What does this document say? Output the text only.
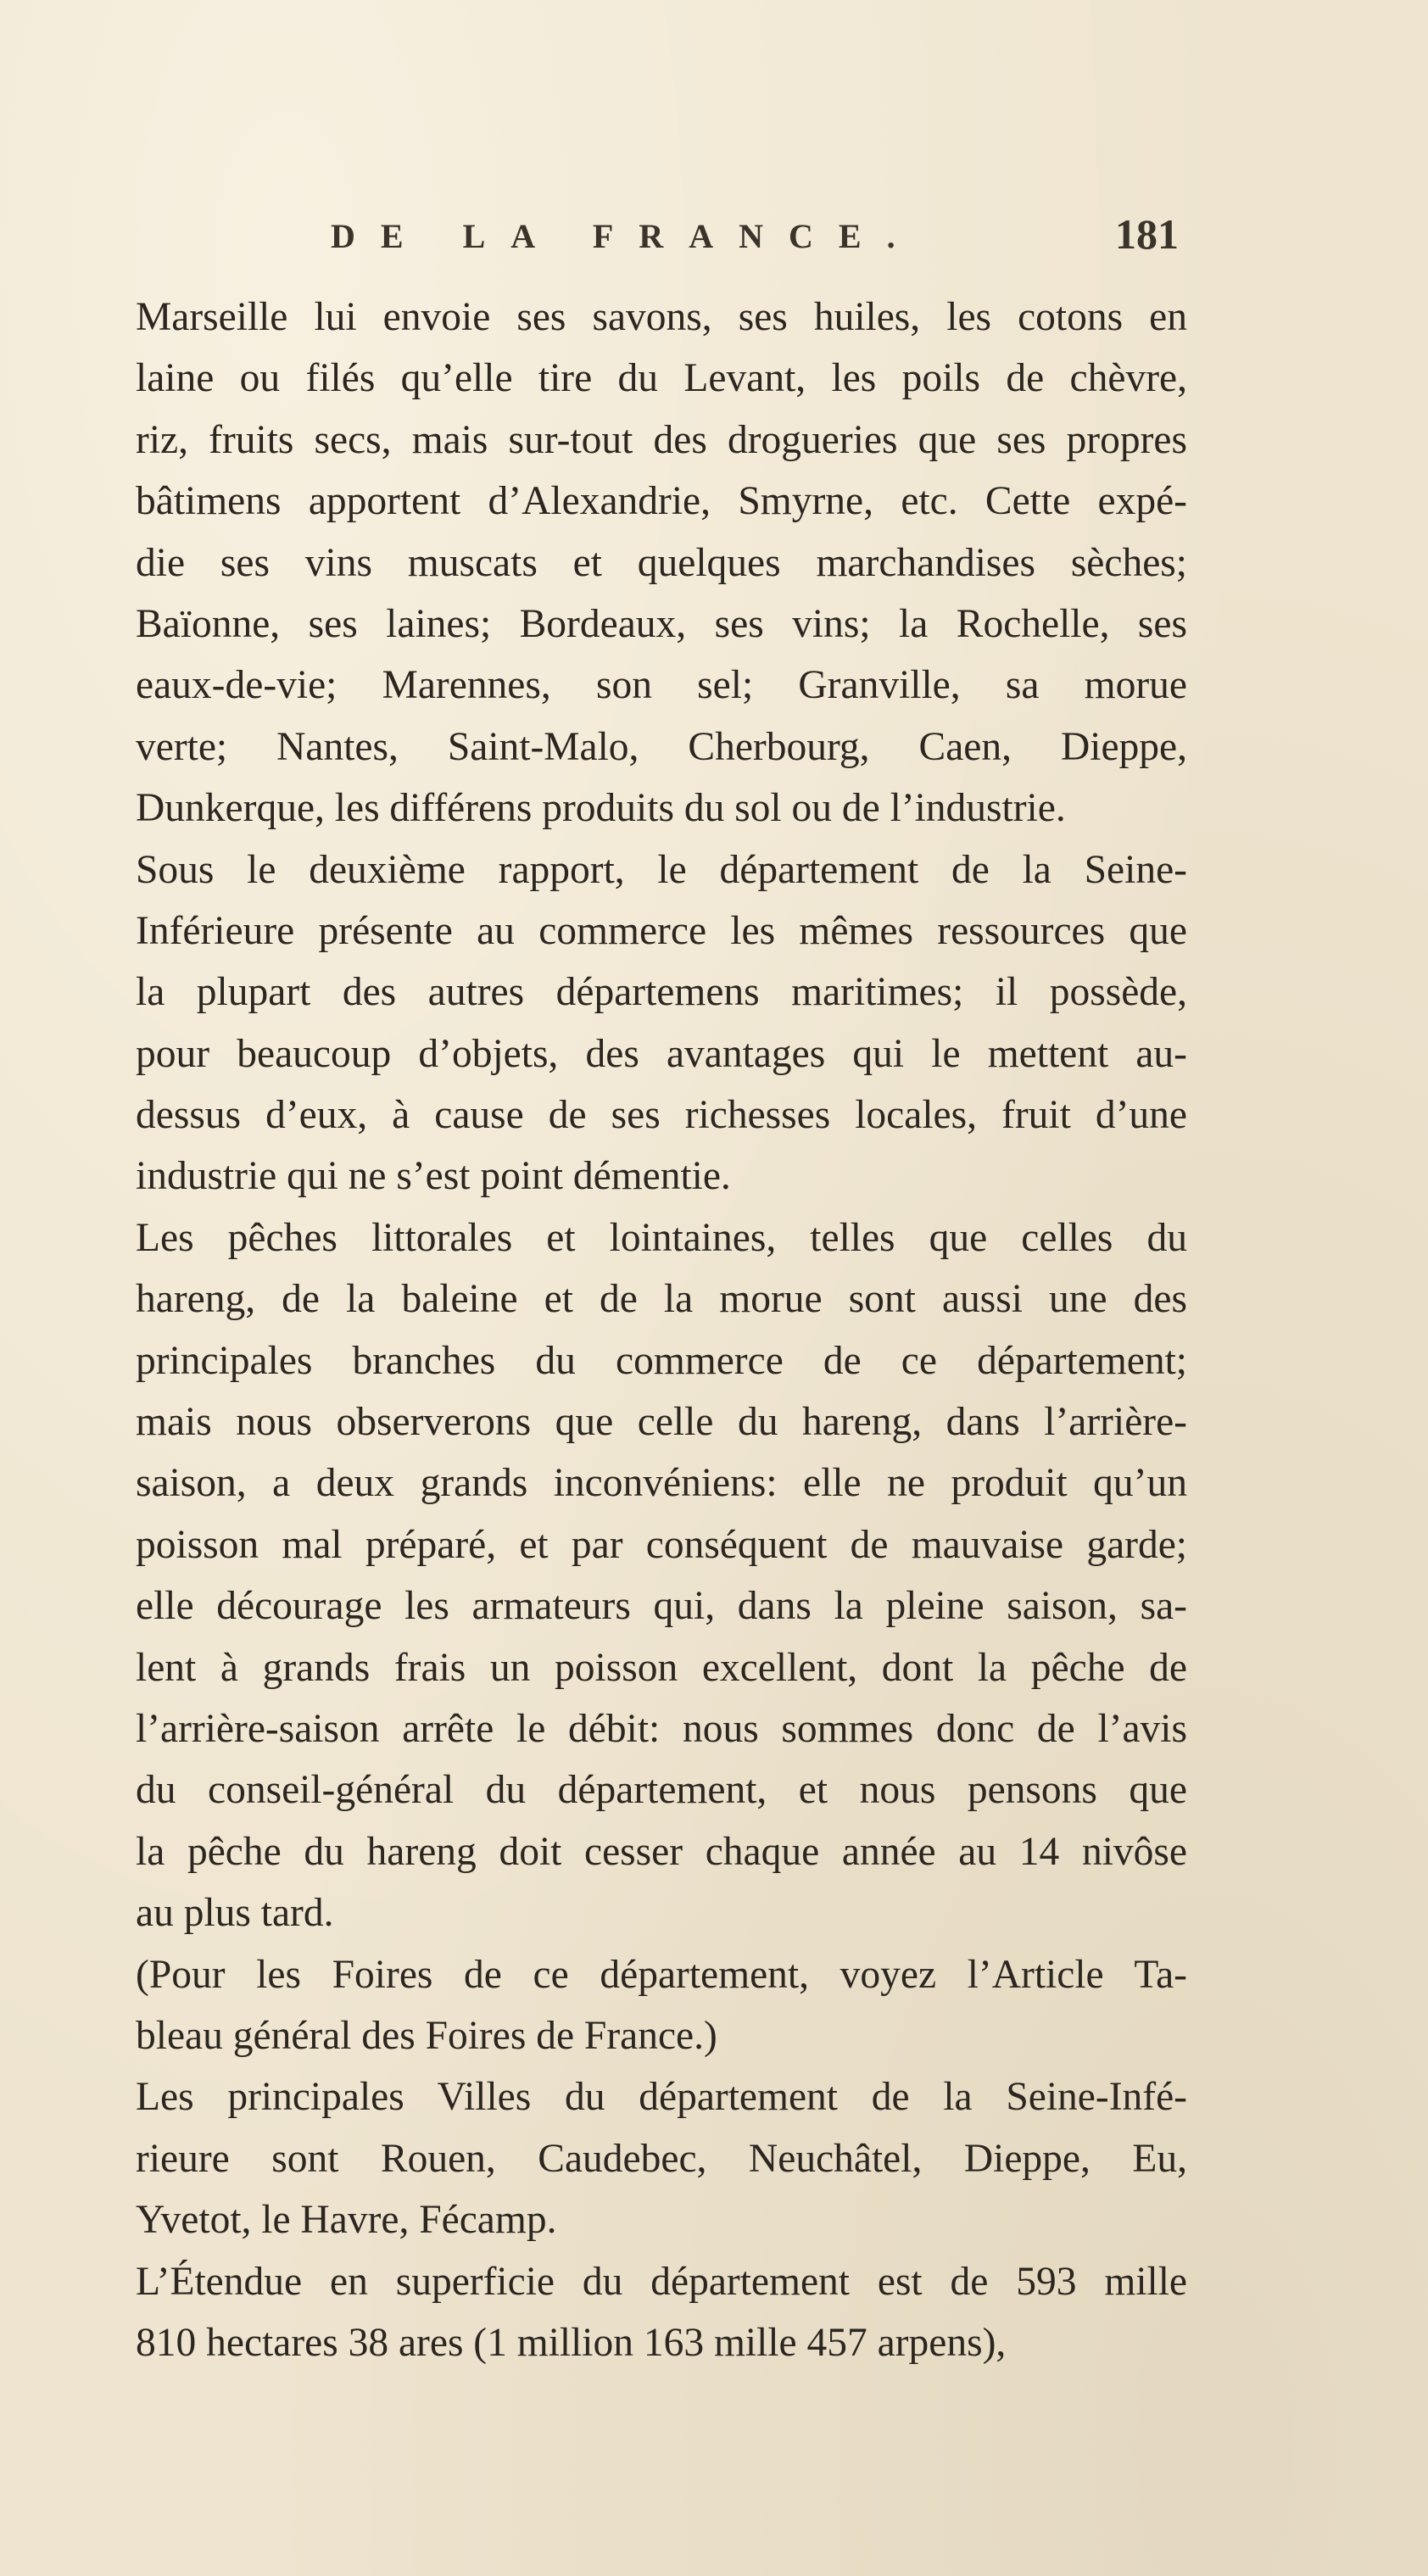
DE LA FRANCE.	181
Marseille lui envoie ses savons, ses huiles, les cotons en
laine ou filés qu’elle tire du Levant, les poils de chèvre,
riz, fruits secs, mais sur-tout des drogueries que ses propres
bâtimens apportent d’Alexandrie, Smyrne, etc. Cette expé-
die ses vins muscats et quelques marchandises sèches;
Baïonne, ses laines; Bordeaux, ses vins; la Rochelle, ses
eaux-de-vie; Marennes, son sel; Granville, sa morue
verte; Nantes, Saint-Malo, Cherbourg, Caen, Dieppe,
Dunkerque, les différens produits du sol ou de l’industrie.
Sous le deuxième rapport, le département de la Seine-
Inférieure présente au commerce les mêmes ressources que
la plupart des autres départemens maritimes; il possède,
pour beaucoup d’objets, des avantages qui le mettent au-
dessus d’eux, à cause de ses richesses locales, fruit d’une
industrie qui ne s’est point démentie.
Les pêches littorales et lointaines, telles que celles du
hareng, de la baleine et de la morue sont aussi une des
principales branches du commerce de ce département;
mais nous observerons que celle du hareng, dans l’arrière-
saison, a deux grands inconvéniens: elle ne produit qu’un
poisson mal préparé, et par conséquent de mauvaise garde;
elle décourage les armateurs qui, dans la pleine saison, sa-
lent à grands frais un poisson excellent, dont la pêche de
l’arrière-saison arrête le débit: nous sommes donc de l’avis
du conseil-général du département, et nous pensons que
la pêche du hareng doit cesser chaque année au 14 nivôse
au plus tard.
(Pour les Foires de ce département, voyez l’Article Ta-
bleau général des Foires de France.)
Les principales Villes du département de la Seine-Infé-
rieure sont Rouen, Caudebec, Neuchâtel, Dieppe, Eu,
Yvetot, le Havre, Fécamp.
L’Étendue en superficie du département est de 593 mille
810 hectares 38 ares (1 million 163 mille 457 arpens),
